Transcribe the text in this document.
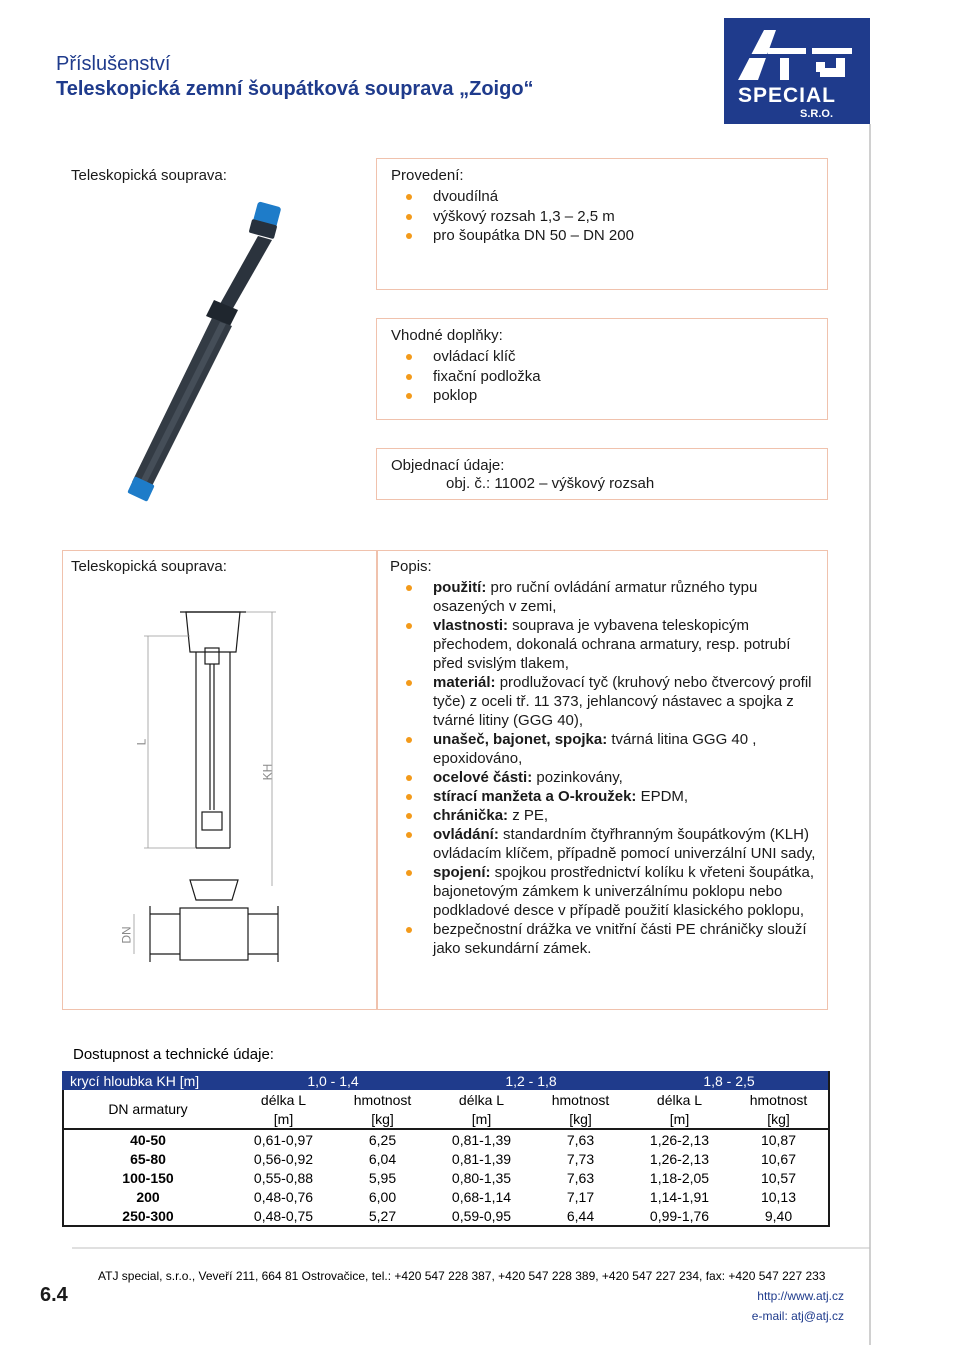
Příslušenství
Teleskopická zemní šoupátková souprava „Zoigo“	SPECIAL
S.R.O.
Teleskopická souprava:	Provedení:
dvoudílná
výškový rozsah 1,3 – 2,5 m
pro šoupátka DN 50 – DN 200
Vhodné doplňky:
ovládací klíč
fixační podložka
poklop
Objednací údaje:
obj. č.: 11002 – výškový rozsah
Teleskopická souprava:
L
KH
DN
Popis:
použití: pro ruční ovládání armatur různého typu osazených v zemi,
vlastnosti: souprava je vybavena teleskopicým přechodem, dokonalá ochrana armatury, resp. potrubí před svislým tlakem,
materiál: prodlužovací tyč (kruhový nebo čtvercový profil tyče) z oceli tř. 11 373, jehlancový nástavec a spojka z tvárné litiny (GGG 40),
unašeč, bajonet, spojka: tvárná litina GGG 40 , epoxidováno,
ocelové části: pozinkovány,
stírací manžeta a O-kroužek: EPDM,
chránička: z PE,
ovládání: standardním čtyřhranným šoupátkovým (KLH) ovládacím klíčem, případně pomocí univerzální UNI sady,
spojení: spojkou prostřednictví kolíku k vřeteni šoupátka, bajonetovým zámkem k univerzálnímu poklopu nebo podkladové desce v případě použití klasického poklopu,
bezpečnostní drážka ve vnitřní části PE chráničky slouží jako sekundární zámek.
Dostupnost a technické údaje:
krycí hloubka KH [m]	1,0 - 1,4		1,2 - 1,8		1,8 - 2,5	
DN armatury	délka L	hmotnost	délka L	hmotnost	délka L	hmotnost
	[m]	[kg]	[m]	[kg]	[m]	[kg]
40-50	0,61-0,97	6,25	0,81-1,39	7,63	1,26-2,13	10,87
65-80	0,56-0,92	6,04	0,81-1,39	7,73	1,26-2,13	10,67
100-150	0,55-0,88	5,95	0,80-1,35	7,63	1,18-2,05	10,57
200	0,48-0,76	6,00	0,68-1,14	7,17	1,14-1,91	10,13
250-300	0,48-0,75	5,27	0,59-0,95	6,44	0,99-1,76	9,40
6.4
ATJ special, s.r.o., Veveří 211, 664 81 Ostrovačice, tel.: +420 547 228 387, +420 547 228 389, +420 547 227 234, fax: +420 547 227 233
http://www.atj.cz
e-mail: atj@atj.cz
